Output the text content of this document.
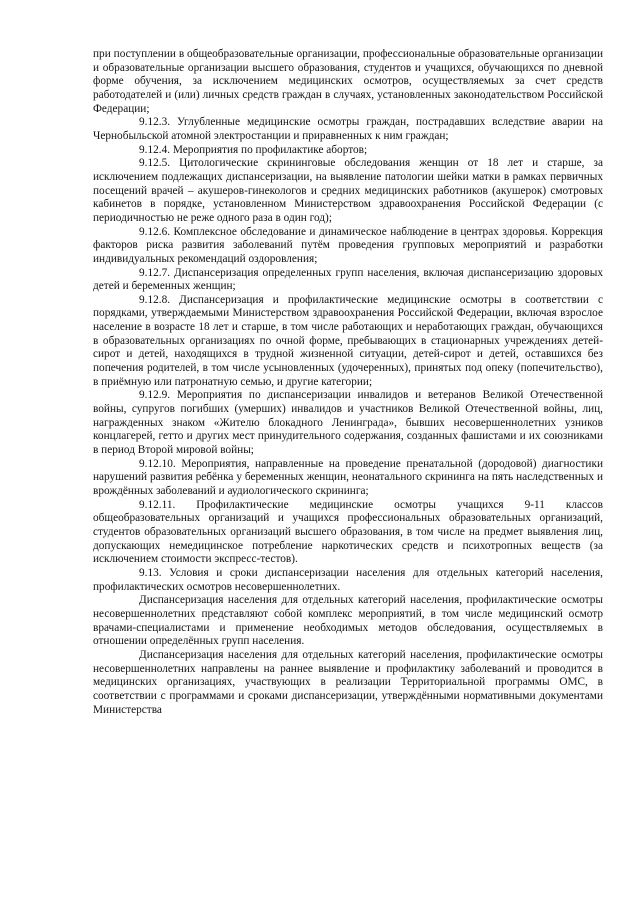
при поступлении в общеобразовательные организации, профессиональные образовательные организации и образовательные организации высшего образования, студентов и учащихся, обучающихся по дневной форме обучения, за исключением медицинских осмотров, осуществляемых за счет средств работодателей и (или) личных средств граждан в случаях, установленных законодательством Российской Федерации;

9.12.3. Углубленные медицинские осмотры граждан, пострадавших вследствие аварии на Чернобыльской атомной электростанции и приравненных к ним граждан;

9.12.4. Мероприятия по профилактике абортов;

9.12.5. Цитологические скрининговые обследования женщин от 18 лет и старше, за исключением подлежащих диспансеризации, на выявление патологии шейки матки в рамках первичных посещений врачей – акушеров-гинекологов и средних медицинских работников (акушерок) смотровых кабинетов в порядке, установленном Министерством здравоохранения Российской Федерации (с периодичностью не реже одного раза в один год);

9.12.6. Комплексное обследование и динамическое наблюдение в центрах здоровья. Коррекция факторов риска развития заболеваний путём проведения групповых мероприятий и разработки индивидуальных рекомендаций оздоровления;

9.12.7. Диспансеризация определенных групп населения, включая диспансеризацию здоровых детей и беременных женщин;

9.12.8. Диспансеризация и профилактические медицинские осмотры в соответствии с порядками, утверждаемыми Министерством здравоохранения Российской Федерации, включая взрослое население в возрасте 18 лет и старше, в том числе работающих и неработающих граждан, обучающихся в образовательных организациях по очной форме, пребывающих в стационарных учреждениях детей-сирот и детей, находящихся в трудной жизненной ситуации, детей-сирот и детей, оставшихся без попечения родителей, в том числе усыновленных (удочеренных), принятых под опеку (попечительство), в приёмную или патронатную семью, и другие категории;

9.12.9. Мероприятия по диспансеризации инвалидов и ветеранов Великой Отечественной войны, супругов погибших (умерших) инвалидов и участников Великой Отечественной войны, лиц, награжденных знаком «Жителю блокадного Ленинграда», бывших несовершеннолетних узников концлагерей, гетто и других мест принудительного содержания, созданных фашистами и их союзниками в период Второй мировой войны;

9.12.10. Мероприятия, направленные на проведение пренатальной (дородовой) диагностики нарушений развития ребёнка у беременных женщин, неонатального скрининга на пять наследственных и врождённых заболеваний и аудиологического скрининга;

9.12.11. Профилактические медицинские осмотры учащихся 9-11 классов общеобразовательных организаций и учащихся профессиональных образовательных организаций, студентов образовательных организаций высшего образования, в том числе на предмет выявления лиц, допускающих немедицинское потребление наркотических средств и психотропных веществ (за исключением стоимости экспресс-тестов).

9.13. Условия и сроки диспансеризации населения для отдельных категорий населения, профилактических осмотров несовершеннолетних.

Диспансеризация населения для отдельных категорий населения, профилактические осмотры несовершеннолетних представляют собой комплекс мероприятий, в том числе медицинский осмотр врачами-специалистами и применение необходимых методов обследования, осуществляемых в отношении определённых групп населения.

Диспансеризация населения для отдельных категорий населения, профилактические осмотры несовершеннолетних направлены на раннее выявление и профилактику заболеваний и проводится в медицинских организациях, участвующих в реализации Территориальной программы ОМС, в соответствии с программами и сроками диспансеризации, утверждёнными нормативными документами Министерства
